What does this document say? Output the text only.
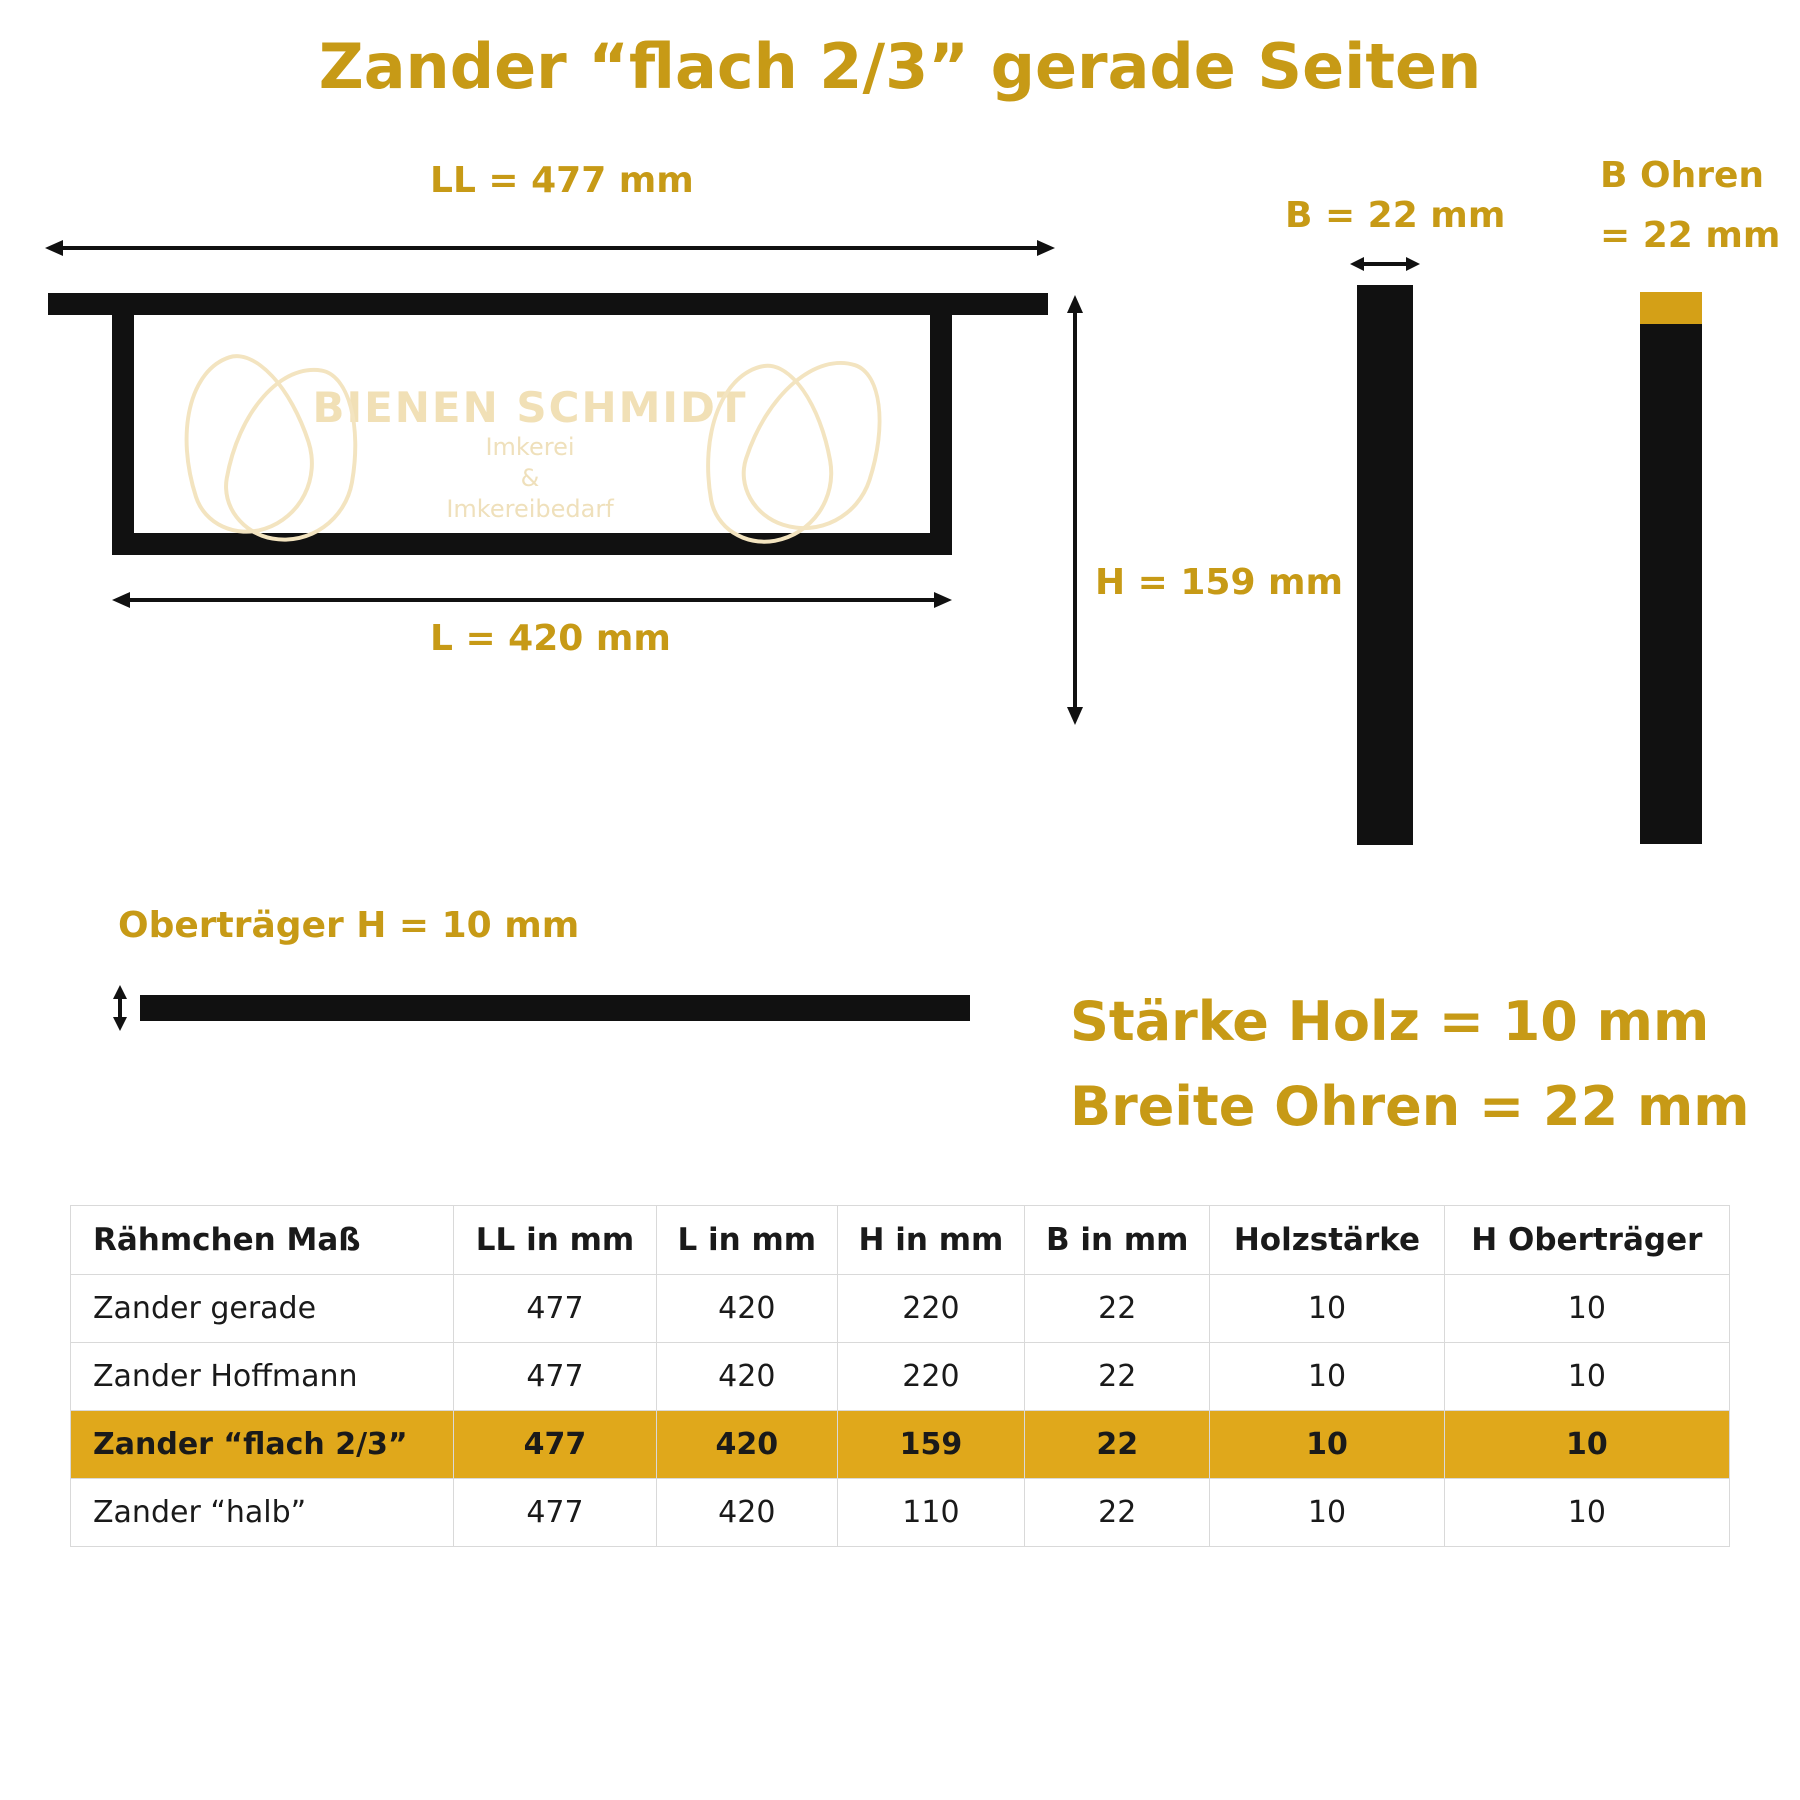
Zander “flach 2/3” gerade Seiten
LL = 477 mm
BIENEN SCHMIDT
Imkerei
&
Imkereibedarf
L = 420 mm
H = 159 mm
B = 22 mm
B Ohren
= 22 mm
Oberträger H = 10 mm
Stärke Holz = 10 mm
Breite Ohren = 22 mm
Rähmchen Maß	LL in mm	L in mm	H in mm	B in mm	Holzstärke	H Oberträger
Zander gerade	477	420	220	22	10	10
Zander Hoffmann	477	420	220	22	10	10
Zander “flach 2/3”	477	420	159	22	10	10
Zander “halb”	477	420	110	22	10	10
